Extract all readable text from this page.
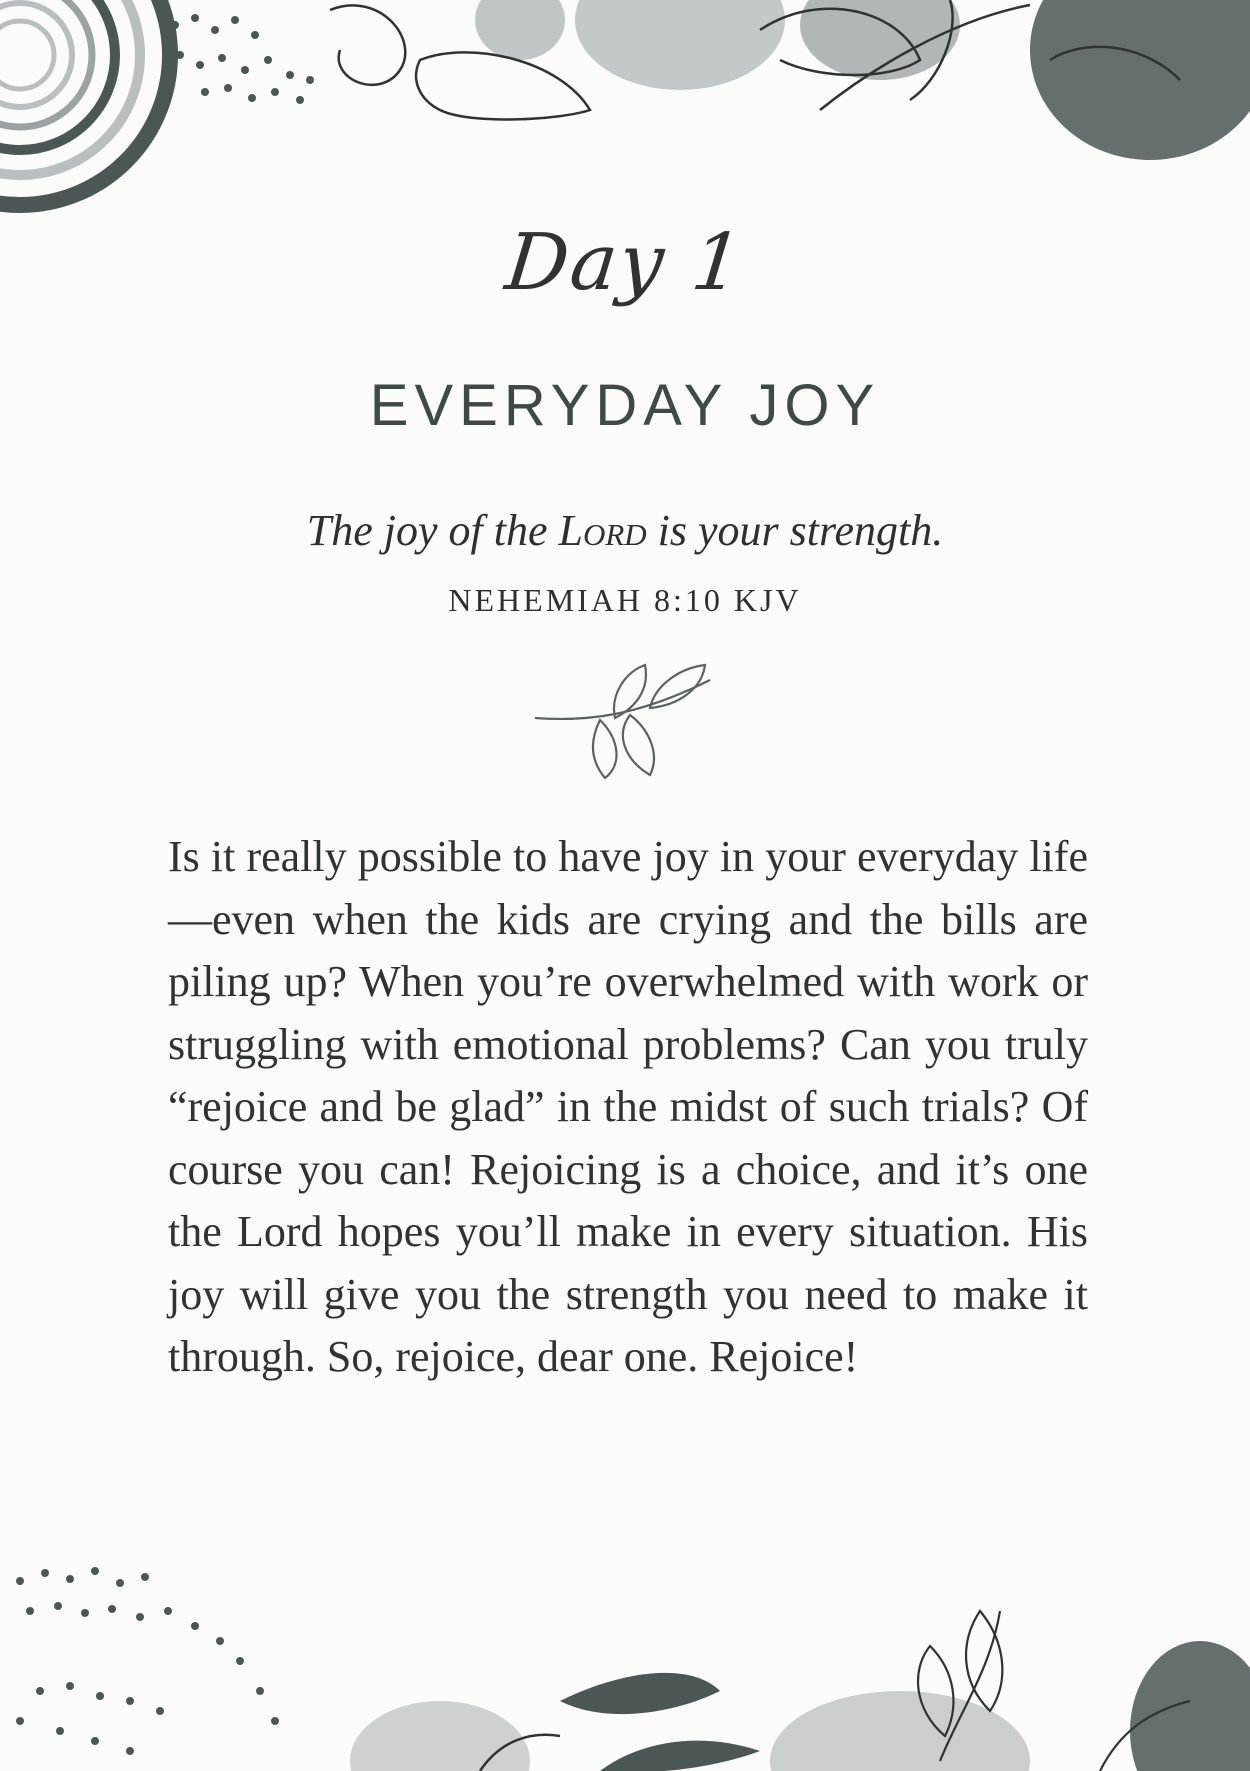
Day 1
EVERYDAY JOY
The joy of the Lord is your strength.
NEHEMIAH 8:10 KJV
Is it really possible to have joy in your everyday life—even when the kids are crying and the bills are piling up? When you’re overwhelmed with work or struggling with emotional problems? Can you truly “rejoice and be glad” in the midst of such trials? Of course you can! Rejoicing is a choice, and it’s one the Lord hopes you’ll make in every situation. His joy will give you the strength you need to make it through. So, rejoice, dear one. Rejoice!
